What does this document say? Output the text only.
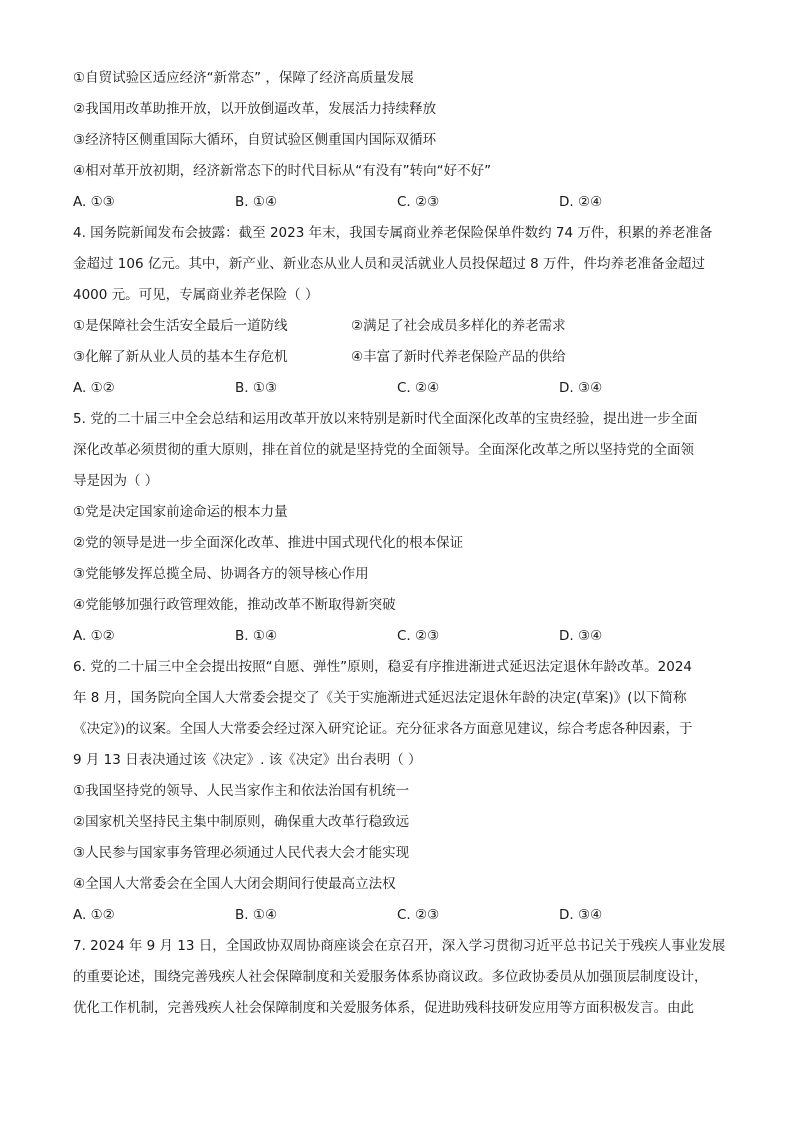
①自贸试验区适应经济“新常态” ，保障了经济高质量发展
②我国用改革助推开放，以开放倒逼改革，发展活力持续释放
③经济特区侧重国际大循环，自贸试验区侧重国内国际双循环
④相对革开放初期，经济新常态下的时代目标从“有没有”转向“好不好”
A. ①③	B. ①④	C. ②③	D. ②④
4. 国务院新闻发布会披露：截至 2023 年末，我国专属商业养老保险保单件数约 74 万件，积累的养老准备
金超过 106 亿元。其中，新产业、新业态从业人员和灵活就业人员投保超过 8 万件，件均养老准备金超过
4000 元。可见，专属商业养老保险（ ）
①是保障社会生活安全最后一道防线	②满足了社会成员多样化的养老需求
③化解了新从业人员的基本生存危机	④丰富了新时代养老保险产品的供给
A. ①②	B. ①③	C. ②④	D. ③④
5. 党的二十届三中全会总结和运用改革开放以来特别是新时代全面深化改革的宝贵经验，提出进一步全面
深化改革必须贯彻的重大原则，排在首位的就是坚持党的全面领导。全面深化改革之所以坚持党的全面领
导是因为（ ）
①党是决定国家前途命运的根本力量
②党的领导是进一步全面深化改革、推进中国式现代化的根本保证
③党能够发挥总揽全局、协调各方的领导核心作用
④党能够加强行政管理效能，推动改革不断取得新突破
A. ①②	B. ①④	C. ②③	D. ③④
6. 党的二十届三中全会提出按照“自愿、弹性”原则，稳妥有序推进渐进式延迟法定退休年龄改革。2024
年 8 月，国务院向全国人大常委会提交了《关于实施渐进式延迟法定退休年龄的决定(草案)》(以下简称
《决定》)的议案。全国人大常委会经过深入研究论证。充分征求各方面意见建议，综合考虑各种因素，于
9 月 13 日表决通过该《决定》. 该《决定》出台表明（ ）
①我国坚持党的领导、人民当家作主和依法治国有机统一
②国家机关坚持民主集中制原则，确保重大改革行稳致远
③人民参与国家事务管理必须通过人民代表大会才能实现
④全国人大常委会在全国人大闭会期间行使最高立法权
A. ①②	B. ①④	C. ②③	D. ③④
7. 2024 年 9 月 13 日，全国政协双周协商座谈会在京召开，深入学习贯彻习近平总书记关于残疾人事业发展
的重要论述，围绕完善残疾人社会保障制度和关爱服务体系协商议政。多位政协委员从加强顶层制度设计，
优化工作机制，完善残疾人社会保障制度和关爱服务体系，促进助残科技研发应用等方面积极发言。由此
